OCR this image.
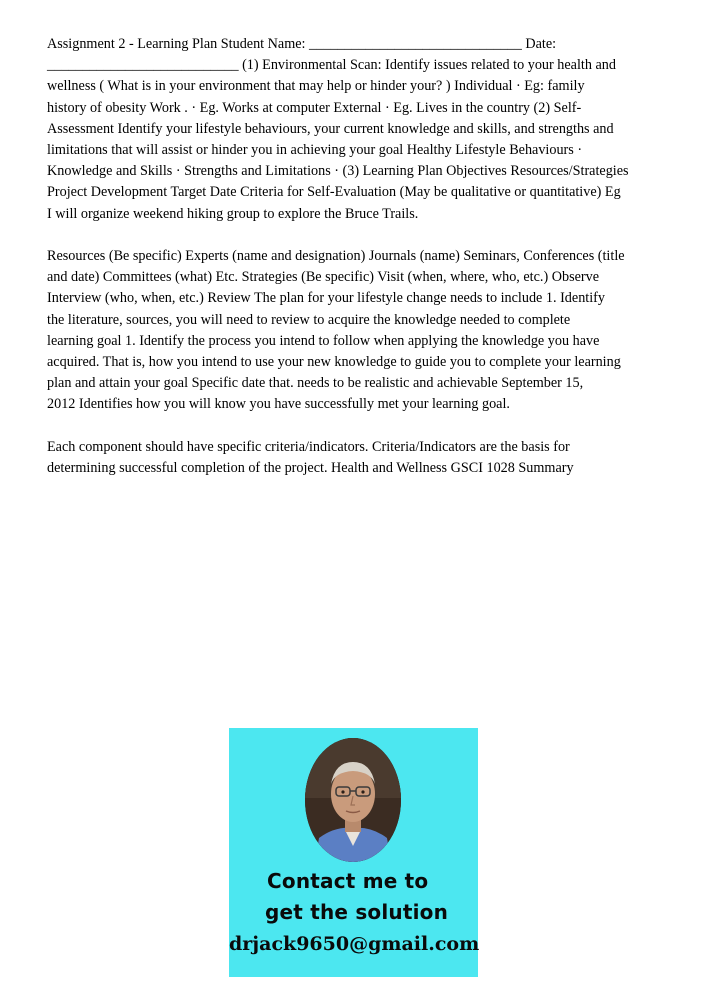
Assignment 2 - Learning Plan Student Name: ______________________________ Date:
___________________________ (1) Environmental Scan: Identify issues related to your health and
wellness ( What is in your environment that may help or hinder your? ) Individual · Eg: family
history of obesity Work . · Eg. Works at computer External · Eg. Lives in the country (2) Self-
Assessment Identify your lifestyle behaviours, your current knowledge and skills, and strengths and
limitations that will assist or hinder you in achieving your goal Healthy Lifestyle Behaviours ·
Knowledge and Skills · Strengths and Limitations · (3) Learning Plan Objectives Resources/Strategies
Project Development Target Date Criteria for Self-Evaluation (May be qualitative or quantitative) Eg
I will organize weekend hiking group to explore the Bruce Trails.

Resources (Be specific) Experts (name and designation) Journals (name) Seminars, Conferences (title
and date) Committees (what) Etc. Strategies (Be specific) Visit (when, where, who, etc.) Observe
Interview (who, when, etc.) Review The plan for your lifestyle change needs to include 1. Identify
the literature, sources, you will need to review to acquire the knowledge needed to complete
learning goal 1. Identify the process you intend to follow when applying the knowledge you have
acquired. That is, how you intend to use your new knowledge to guide you to complete your learning
plan and attain your goal Specific date that. needs to be realistic and achievable September 15,
2012 Identifies how you will know you have successfully met your learning goal.

Each component should have specific criteria/indicators. Criteria/Indicators are the basis for
determining successful completion of the project. Health and Wellness GSCI 1028 Summary

Contact me to
get the solution
drjack9650@gmail.com
